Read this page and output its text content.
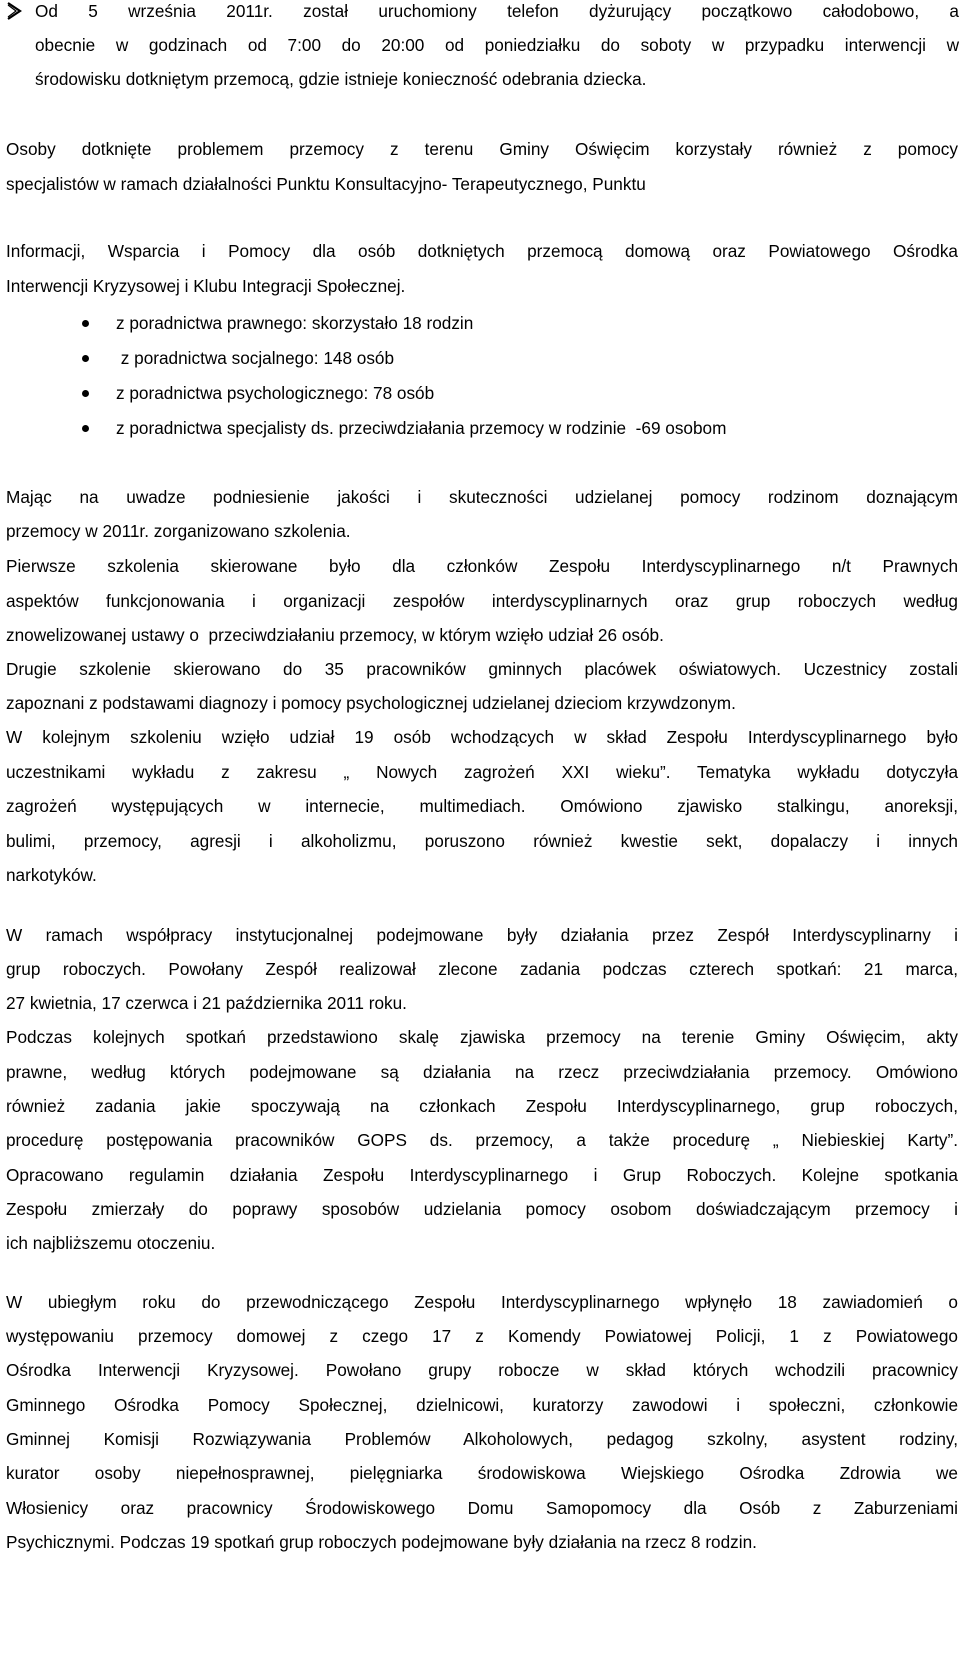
Od 5 września 2011r. został uruchomiony telefon dyżurujący początkowo całodobowo, a
obecnie w godzinach od 7:00 do 20:00 od poniedziałku do soboty w przypadku interwencji w
środowisku dotkniętym przemocą, gdzie istnieje konieczność odebrania dziecka.
Osoby dotknięte problemem przemocy z terenu Gminy Oświęcim korzystały również z pomocy
specjalistów w ramach działalności Punktu Konsultacyjno- Terapeutycznego, Punktu
Informacji, Wsparcia i Pomocy dla osób dotkniętych przemocą domową oraz Powiatowego Ośrodka
Interwencji Kryzysowej i Klubu Integracji Społecznej.
z poradnictwa prawnego: skorzystało 18 rodzin
z poradnictwa socjalnego: 148 osób
z poradnictwa psychologicznego: 78 osób
z poradnictwa specjalisty ds. przeciwdziałania przemocy w rodzinie  -69 osobom
Mając na uwadze podniesienie jakości i skuteczności udzielanej pomocy rodzinom doznającym
przemocy w 2011r. zorganizowano szkolenia.
Pierwsze szkolenia skierowane było dla członków Zespołu Interdyscyplinarnego n/t Prawnych
aspektów funkcjonowania i organizacji zespołów interdyscyplinarnych oraz grup roboczych według
znowelizowanej ustawy o  przeciwdziałaniu przemocy, w którym wzięło udział 26 osób.
Drugie szkolenie skierowano do 35 pracowników gminnych placówek oświatowych. Uczestnicy zostali
zapoznani z podstawami diagnozy i pomocy psychologicznej udzielanej dzieciom krzywdzonym.
W kolejnym szkoleniu wzięło udział 19 osób wchodzących w skład Zespołu Interdyscyplinarnego było
uczestnikami wykładu z zakresu „ Nowych zagrożeń XXI wieku”. Tematyka wykładu dotyczyła
zagrożeń występujących w internecie, multimediach. Omówiono zjawisko stalkingu, anoreksji,
bulimi, przemocy, agresji i alkoholizmu, poruszono również kwestie sekt, dopalaczy i innych
narkotyków.
W ramach współpracy instytucjonalnej podejmowane były działania przez Zespół Interdyscyplinarny i
grup roboczych. Powołany Zespół realizował zlecone zadania podczas czterech spotkań: 21 marca,
27 kwietnia, 17 czerwca i 21 października 2011 roku.
Podczas kolejnych spotkań przedstawiono skalę zjawiska przemocy na terenie Gminy Oświęcim, akty
prawne, według których podejmowane są działania na rzecz przeciwdziałania przemocy. Omówiono
również zadania jakie spoczywają na członkach Zespołu Interdyscyplinarnego, grup roboczych,
procedurę postępowania pracowników GOPS ds. przemocy, a także procedurę „ Niebieskiej Karty”.
Opracowano regulamin działania Zespołu Interdyscyplinarnego i Grup Roboczych. Kolejne spotkania
Zespołu zmierzały do poprawy sposobów udzielania pomocy osobom doświadczającym przemocy i
ich najbliższemu otoczeniu.
W ubiegłym roku do przewodniczącego Zespołu Interdyscyplinarnego wpłynęło 18 zawiadomień o
występowaniu przemocy domowej z czego 17 z Komendy Powiatowej Policji, 1 z Powiatowego
Ośrodka Interwencji Kryzysowej. Powołano grupy robocze w skład których wchodzili pracownicy
Gminnego Ośrodka Pomocy Społecznej, dzielnicowi, kuratorzy zawodowi i społeczni, członkowie
Gminnej Komisji Rozwiązywania Problemów Alkoholowych, pedagog szkolny, asystent rodziny,
kurator osoby niepełnosprawnej, pielęgniarka środowiskowa Wiejskiego Ośrodka Zdrowia we
Włosienicy oraz pracownicy Środowiskowego Domu Samopomocy dla Osób z Zaburzeniami
Psychicznymi. Podczas 19 spotkań grup roboczych podejmowane były działania na rzecz 8 rodzin.
